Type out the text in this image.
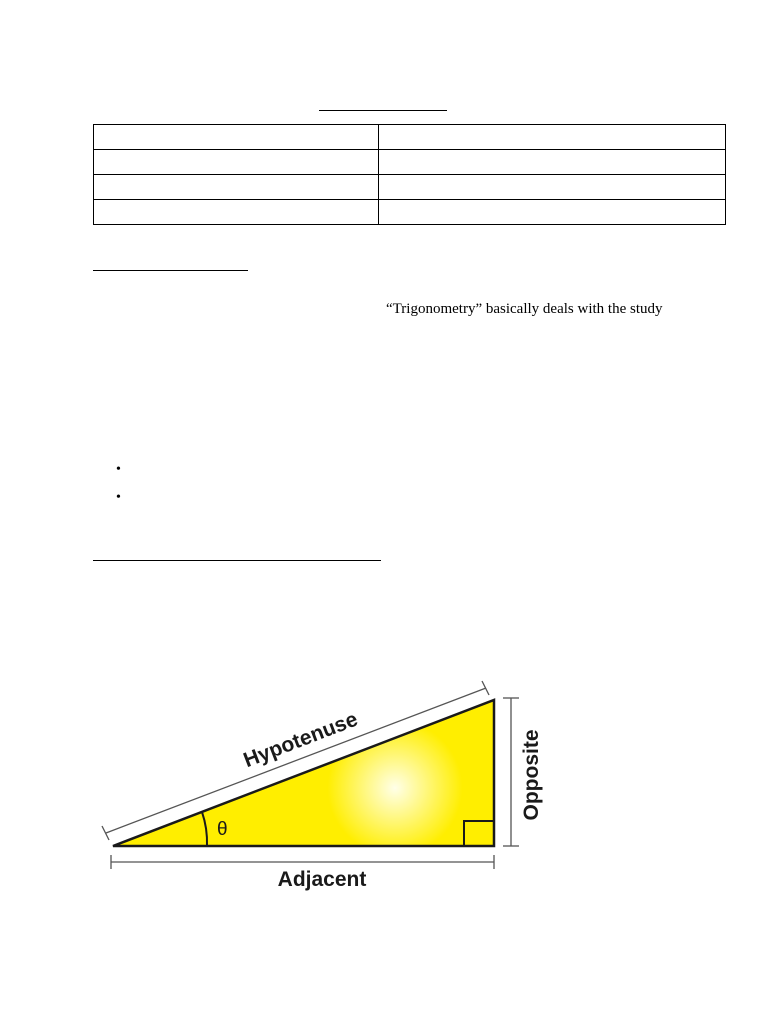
“Trigonometry” basically deals with the study
•
•
θ
Hypotenuse	Opposite
Adjacent
